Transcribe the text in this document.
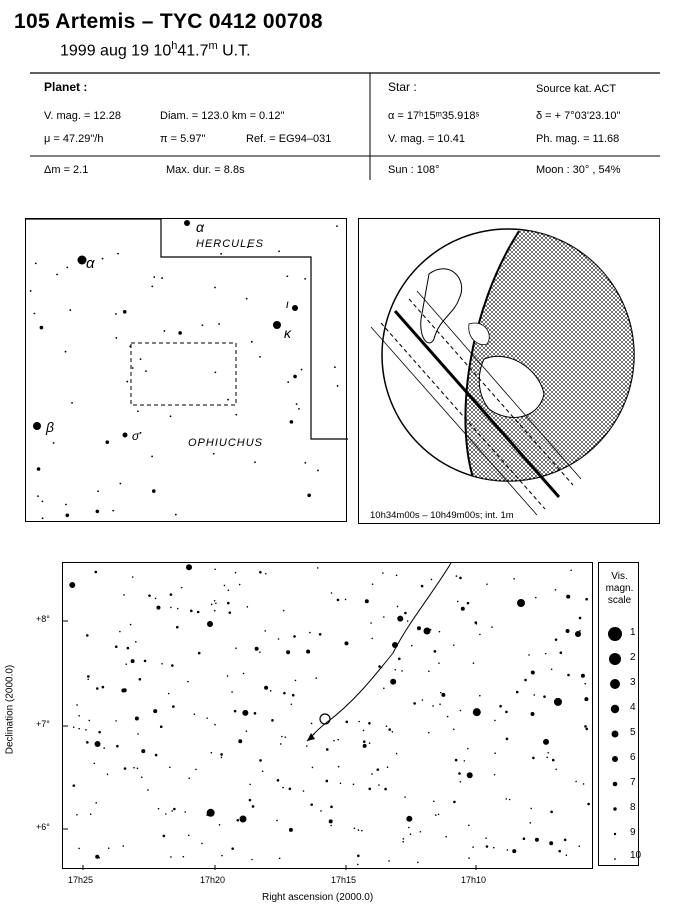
105 Artemis – TYC 0412 00708
1999 aug 19 10$^h$41.7$^m$ U.T.
Planet :
V. mag. = 12.28	Diam. = 123.0 km = 0.12"
μ = 47.29"/h	π = 5.97"	Ref. = EG94–031
Star :	Source kat. ACT
α = 17ʰ15ᵐ35.918ˢ	δ = + 7°03'23.10"
V. mag. = 10.41	Ph. mag. = 11.68
Δm = 2.1	Max. dur. = 8.8s	Sun : 108°	Moon : 30° , 54%
HERCULES
OPHIUCHUS
α
α
ι
κ
β
σ
10h34m00s – 10h49m00s; int. 1m
+8°
+7°
+6°
17h25	17h20	17h15	17h10
Right ascension (2000.0)
Declination (2000.0)
Vis.
magn.
scale
1
2
3
4
5
6
7
8
9
10
